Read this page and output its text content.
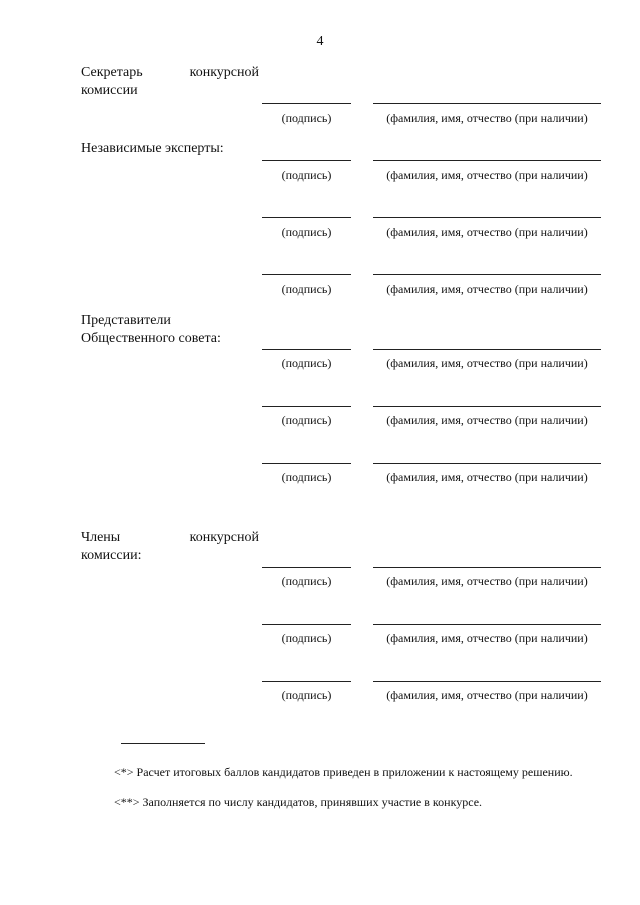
4
Секретарь	конкурсной
комиссии
(подпись)	(фамилия, имя, отчество (при наличии)
Независимые эксперты:
(подпись)	(фамилия, имя, отчество (при наличии)
(подпись)	(фамилия, имя, отчество (при наличии)
(подпись)	(фамилия, имя, отчество (при наличии)
Представители
Общественного совета:
(подпись)	(фамилия, имя, отчество (при наличии)
(подпись)	(фамилия, имя, отчество (при наличии)
(подпись)	(фамилия, имя, отчество (при наличии)
Члены	конкурсной
комиссии:
(подпись)	(фамилия, имя, отчество (при наличии)
(подпись)	(фамилия, имя, отчество (при наличии)
(подпись)	(фамилия, имя, отчество (при наличии)
<*> Расчет итоговых баллов кандидатов приведен в приложении к настоящему решению.
<**> Заполняется по числу кандидатов, принявших участие в конкурсе.
